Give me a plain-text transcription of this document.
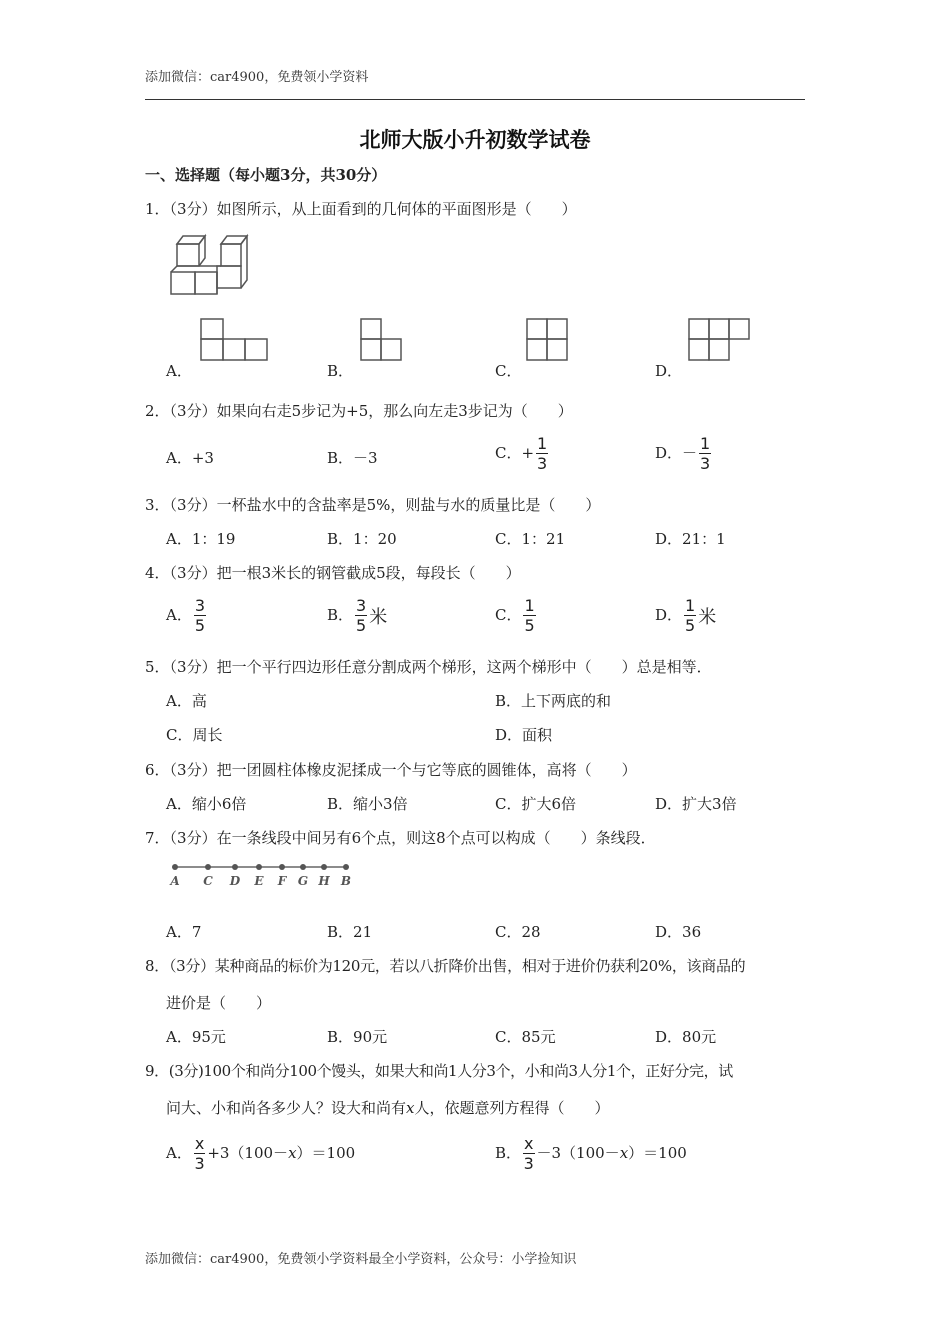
添加微信：car4900，免费领小学资料
北师大版小升初数学试卷
一、选择题（每小题3分，共30分）
1．（3分）如图所示，从上面看到的几何体的平面图形是（　　）
A．	B．	C．	D．
2．（3分）如果向右走5步记为+5，那么向左走3步记为（　　）
A．+3	B．－3	C．+ $\frac{1}{3}$	D．－ $\frac{1}{3}$
3．（3分）一杯盐水中的含盐率是5%，则盐与水的质量比是（　　）
A．1：19	B．1：20	C．1：21	D．21：1
4．（3分）把一根3米长的钢管截成5段，每段长（　　）
A． $\frac{3}{5}$	B． $\frac{3}{5}$ 米	C． $\frac{1}{5}$	D． $\frac{1}{5}$ 米
5．（3分）把一个平行四边形任意分割成两个梯形，这两个梯形中（　　）总是相等．
A．高	B．上下两底的和
C．周长	D．面积
6．（3分）把一团圆柱体橡皮泥揉成一个与它等底的圆锥体，高将（　　）
A．缩小6倍	B．缩小3倍	C．扩大6倍	D．扩大3倍
7．（3分）在一条线段中间另有6个点，则这8个点可以构成（　　）条线段．
A C D E F G H B
A．7	B．21	C．28	D．36
8．（3分）某种商品的标价为120元，若以八折降价出售，相对于进价仍获利20%，该商品的
进价是（　　）
A．95元	B．90元	C．85元	D．80元
9．(3分)100个和尚分100个馒头，如果大和尚1人分3个，小和尚3人分1个，正好分完，试
问大、小和尚各多少人？设大和尚有x人，依题意列方程得（　　）
A． $\frac{x}{3} +3(100-x)=100$	B． $\frac{x}{3} -3(100-x)=100$
添加微信：car4900，免费领小学资料最全小学资料，公众号：小学捡知识
